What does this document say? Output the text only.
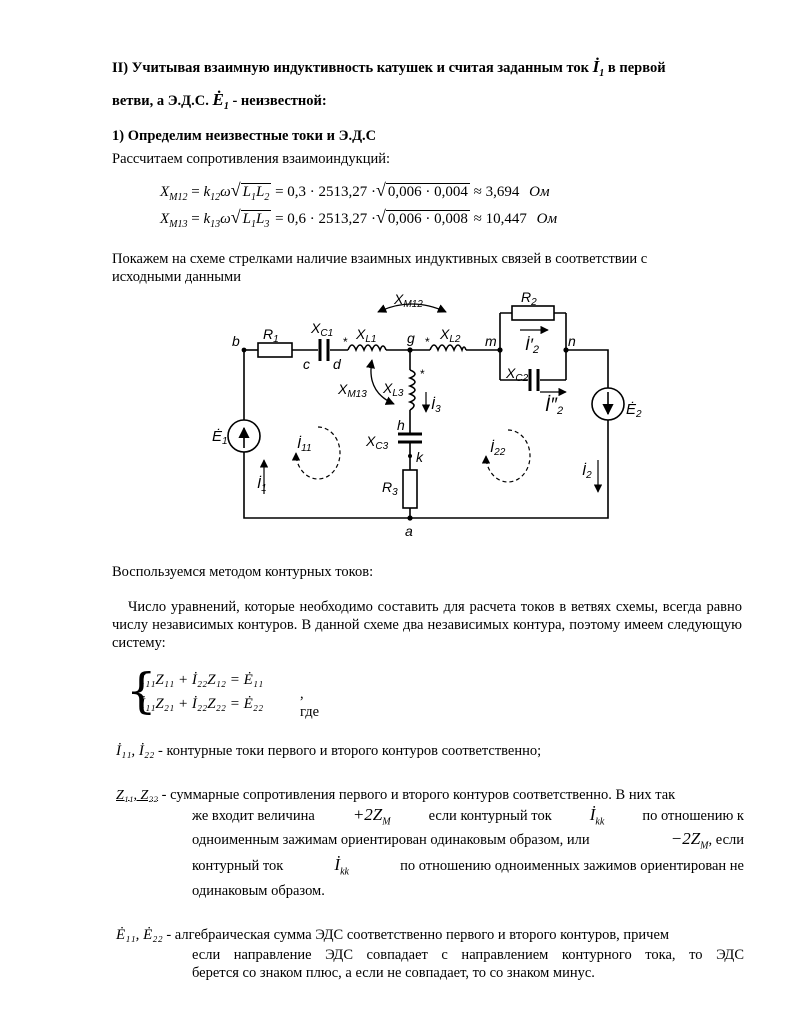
II) Учитывая взаимную индуктивность катушек и считая заданным ток $İ_1$ в первой
ветви, а Э.Д.С. $Ė_1$ - неизвестной:
1) Определим неизвестные токи и Э.Д.С
Рассчитаем сопротивления взаимоиндукций:
$X_{M12} = k_{12}\omega√$ $L_1L_2 = 0,3 \cdot 2513,27$ ·√ 0,006 · 0,004 ≈ 3,694 Ом
$X_{M13} = k_{13}\omega√$ $L_1L_3 = 0,6 \cdot 2513,27$ ·√ 0,006 · 0,008 ≈ 10,447 Ом
Покажем на схеме стрелками наличие взаимных индуктивных связей в соответствии с исходными данными
b
c d
g	m	n
h
k
a
$R_1$
$R_2$
$R_3$
$X_{C1}$
$X_{C2}$
$X_{C3}$
$X_{L1}$	$X_{L2}$
$X_{L3}$
$X_{M12}$
$X_{M13}$
$Ė_1$
$Ė_2$
$İ_1$
$İ_2$
$İ_3$
İ′2
İ″2
$İ_{11}$	$İ_{22}$
*	*
*
Воспользуемся методом контурных токов:
Число уравнений, которые необходимо составить для расчета токов в ветвях схемы, всегда равно числу независимых контуров. В данной схеме два независимых контура, поэтому имеем следующую систему:
{
İ₁₁Z₁₁ + İ₂₂Z₁₂ = Ė₁₁
İ₁₁Z₂₁ + İ₂₂Z₂₂ = Ė₂₂
, где
İ₁₁, İ₂₂ - контурные токи первого и второго контуров соответственно;
Z₁₁, Z₂₂ - суммарные сопротивления первого и второго контуров соответственно. В них так
же входит величина $+2Z_M$	если контурный ток $İ_{kk}$	по отношению к
одноименным зажимам ориентирован одинаковым образом, или	$-2Z_M$, если
контурный ток	$İ_{kk}$	по отношению одноименных зажимов ориентирован не
одинаковым образом.
Ė₁₁, Ė₂₂ - алгебраическая сумма ЭДС соответственно первого и второго контуров, причем
если направление ЭДС совпадает с направлением контурного тока, то ЭДС
берется со знаком плюс, а если не совпадает, то со знаком минус.
